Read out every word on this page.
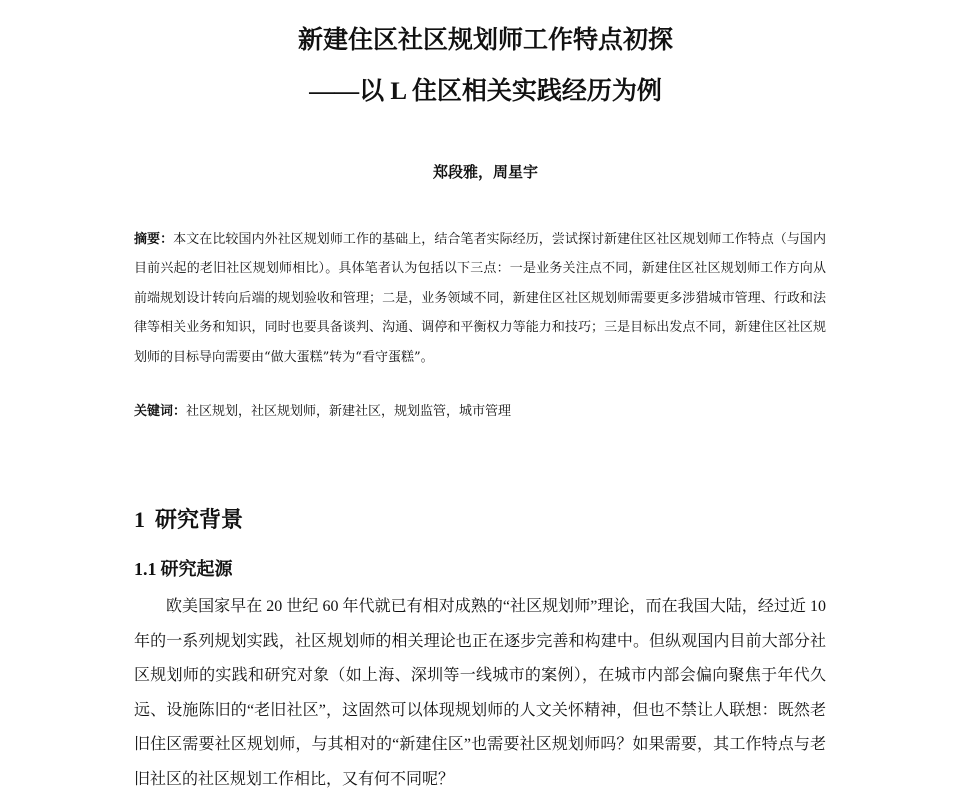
新建住区社区规划师工作特点初探
——以 L 住区相关实践经历为例
郑段雅，周星宇
摘要：本文在比较国内外社区规划师工作的基础上，结合笔者实际经历，尝试探讨新建住区社区规划师工作特点（与国内目前兴起的老旧社区规划师相比）。具体笔者认为包括以下三点：一是业务关注点不同，新建住区社区规划师工作方向从前端规划设计转向后端的规划验收和管理；二是，业务领域不同，新建住区社区规划师需要更多涉猎城市管理、行政和法律等相关业务和知识，同时也要具备谈判、沟通、调停和平衡权力等能力和技巧；三是目标出发点不同，新建住区社区规划师的目标导向需要由“做大蛋糕”转为“看守蛋糕”。
关键词：社区规划，社区规划师，新建社区，规划监管，城市管理
1 研究背景
1.1 研究起源
欧美国家早在 20 世纪 60 年代就已有相对成熟的“社区规划师”理论，而在我国大陆，经过近 10 年的一系列规划实践，社区规划师的相关理论也正在逐步完善和构建中。但纵观国内目前大部分社区规划师的实践和研究对象（如上海、深圳等一线城市的案例），在城市内部会偏向聚焦于年代久远、设施陈旧的“老旧社区”，这固然可以体现规划师的人文关怀精神，但也不禁让人联想：既然老旧住区需要社区规划师，与其相对的“新建住区”也需要社区规划师吗？如果需要，其工作特点与老旧社区的社区规划工作相比，又有何不同呢？
